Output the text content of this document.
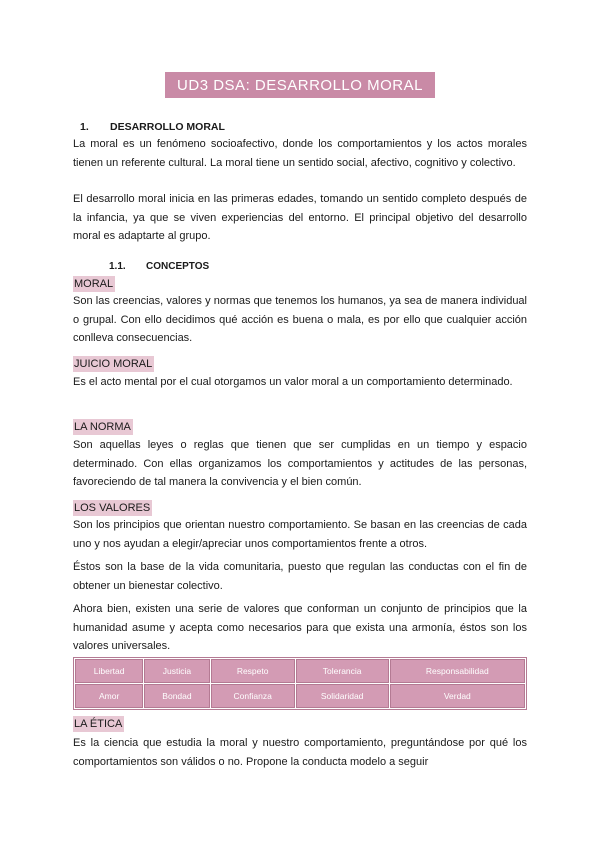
UD3 DSA: DESARROLLO MORAL
1. DESARROLLO MORAL

La moral es un fenómeno socioafectivo, donde los comportamientos y los actos morales tienen un referente cultural. La moral tiene un sentido social, afectivo, cognitivo y colectivo.

El desarrollo moral inicia en las primeras edades, tomando un sentido completo después de la infancia, ya que se viven experiencias del entorno. El principal objetivo del desarrollo moral es adaptarte al grupo.

1.1. CONCEPTOS
MORAL

Son las creencias, valores y normas que tenemos los humanos, ya sea de manera individual o grupal. Con ello decidimos qué acción es buena o mala, es por ello que cualquier acción conlleva consecuencias.

JUICIO MORAL

Es el acto mental por el cual otorgamos un valor moral a un comportamiento determinado.

LA NORMA

Son aquellas leyes o reglas que tienen que ser cumplidas en un tiempo y espacio determinado. Con ellas organizamos los comportamientos y actitudes de las personas, favoreciendo de tal manera la convivencia y el bien común.

LOS VALORES

Son los principios que orientan nuestro comportamiento. Se basan en las creencias de cada uno y nos ayudan a elegir/apreciar unos comportamientos frente a otros.

Éstos son la base de la vida comunitaria, puesto que regulan las conductas con el fin de obtener un bienestar colectivo.

Ahora bien, existen una serie de valores que conforman un conjunto de principios que la humanidad asume y acepta como necesarios para que exista una armonía, éstos son los valores universales.

Libertad	Justicia	Respeto	Tolerancia	Responsabilidad
Amor	Bondad	Confianza	Solidaridad	Verdad
LA ÉTICA

Es la ciencia que estudia la moral y nuestro comportamiento, preguntándose por qué los comportamientos son válidos o no. Propone la conducta modelo a seguir
